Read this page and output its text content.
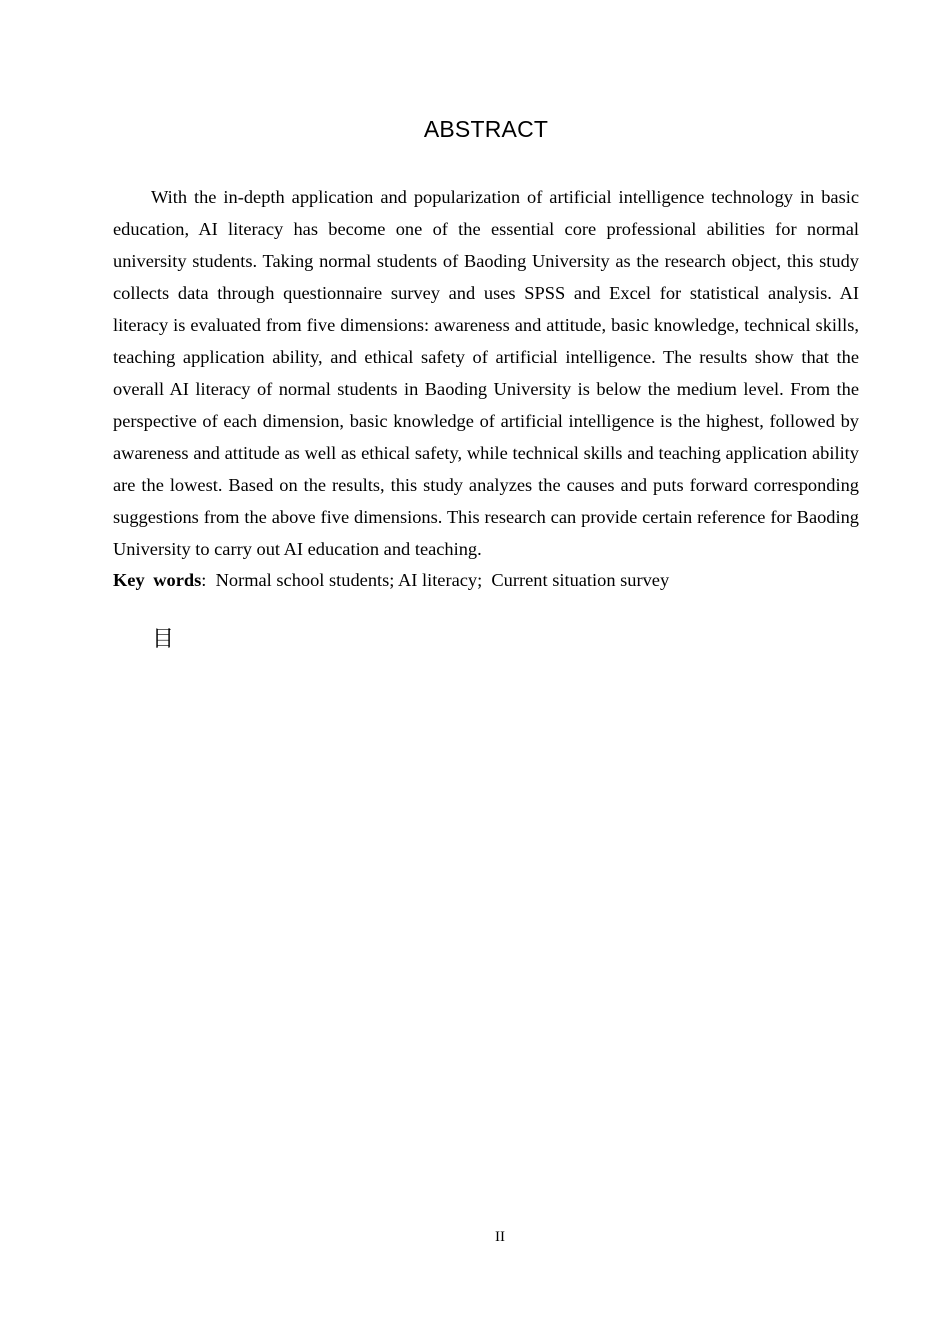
ABSTRACT

With the in-depth application and popularization of artificial intelligence technology in basic education, AI literacy has become one of the essential core professional abilities for normal university students. Taking normal students of Baoding University as the research object, this study collects data through questionnaire survey and uses SPSS and Excel for statistical analysis. AI literacy is evaluated from five dimensions: awareness and attitude, basic knowledge, technical skills, teaching application ability, and ethical safety of artificial intelligence. The results show that the overall AI literacy of normal students in Baoding University is below the medium level. From the perspective of each dimension, basic knowledge of artificial intelligence is the highest, followed by awareness and attitude as well as ethical safety, while technical skills and teaching application ability are the lowest. Based on the results, this study analyzes the causes and puts forward corresponding suggestions from the above five dimensions. This research can provide certain reference for Baoding University to carry out AI education and teaching.

Key words:  Normal school students; AI literacy;  Current situation survey

目
II
